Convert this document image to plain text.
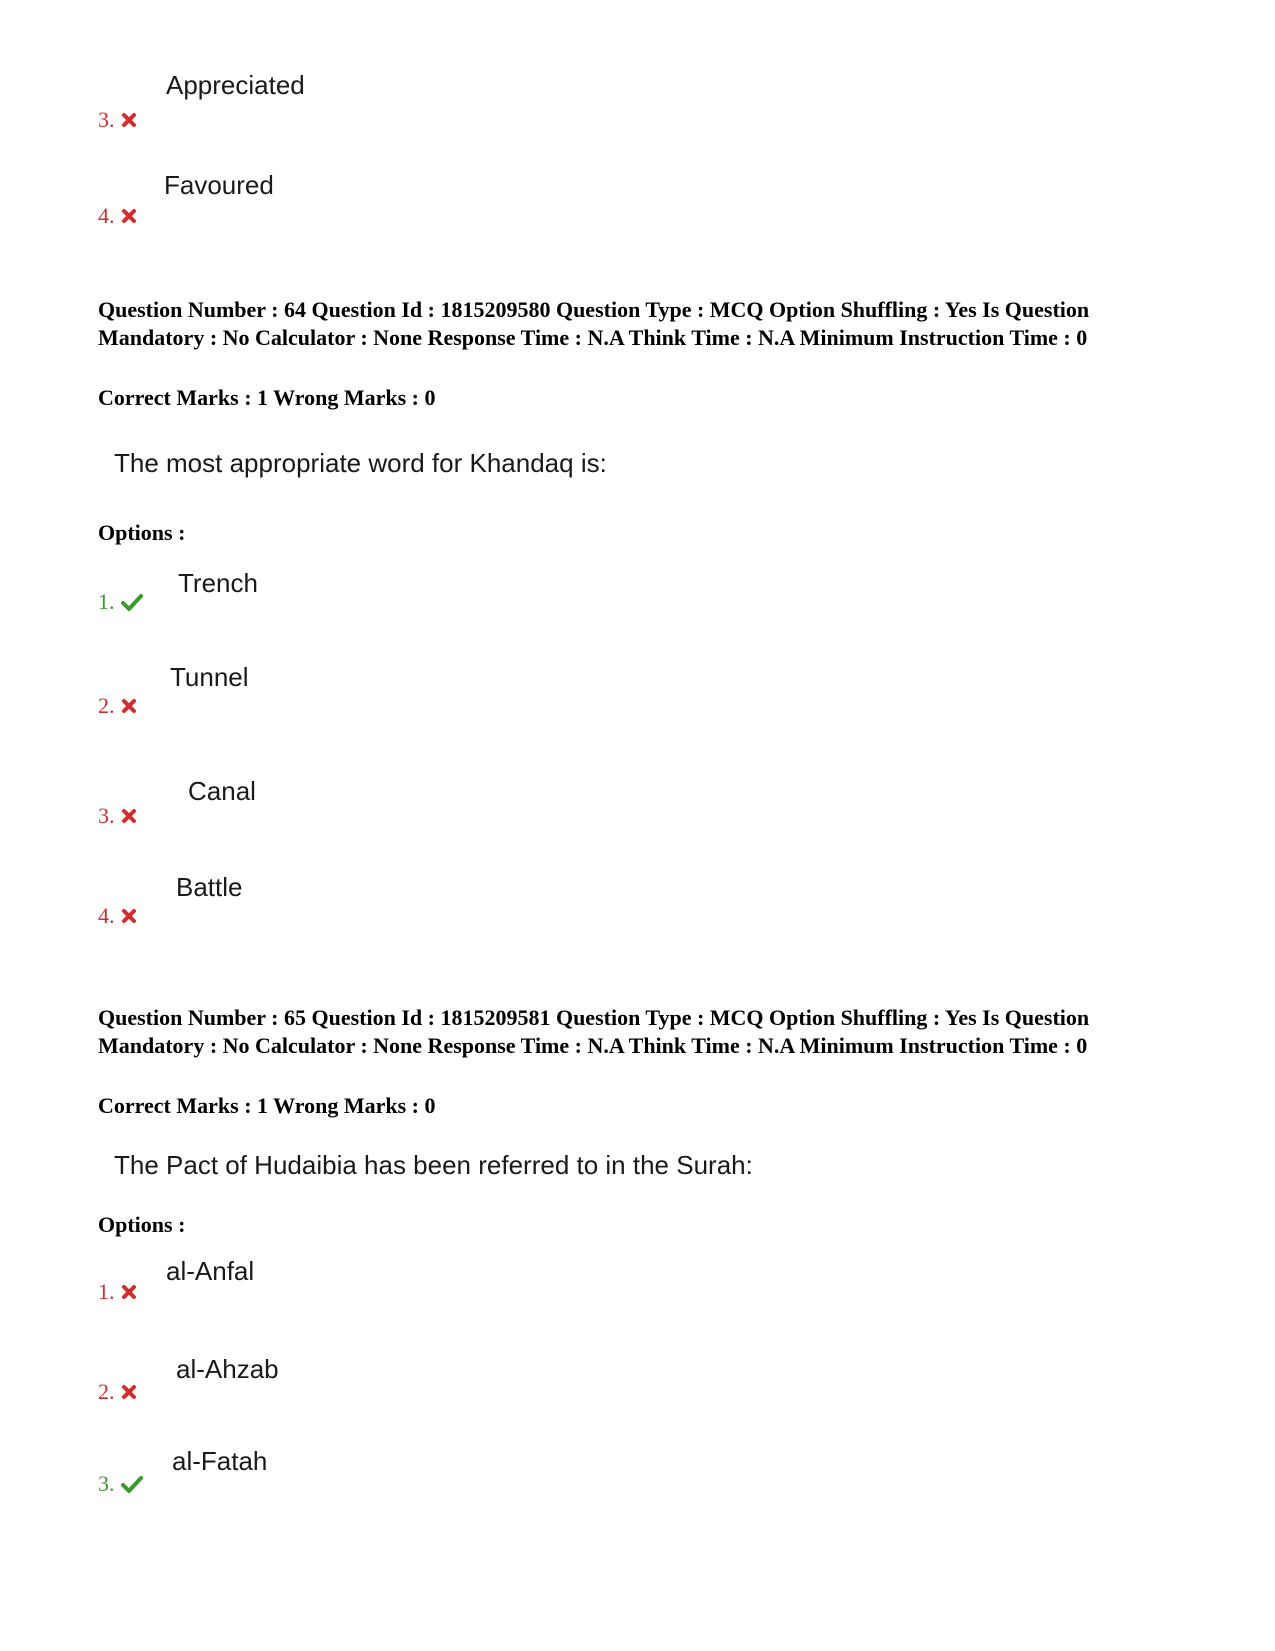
Appreciated
3.
Favoured
4.
Question Number : 64 Question Id : 1815209580 Question Type : MCQ Option Shuffling : Yes Is Question Mandatory : No Calculator : None Response Time : N.A Think Time : N.A Minimum Instruction Time : 0
Correct Marks : 1 Wrong Marks : 0
The most appropriate word for Khandaq is:
Options :
Trench
1.
Tunnel
2.
Canal
3.
Battle
4.
Question Number : 65 Question Id : 1815209581 Question Type : MCQ Option Shuffling : Yes Is Question Mandatory : No Calculator : None Response Time : N.A Think Time : N.A Minimum Instruction Time : 0
Correct Marks : 1 Wrong Marks : 0
The Pact of Hudaibia has been referred to in the Surah:
Options :
al-Anfal
1.
al-Ahzab
2.
al-Fatah
3.
